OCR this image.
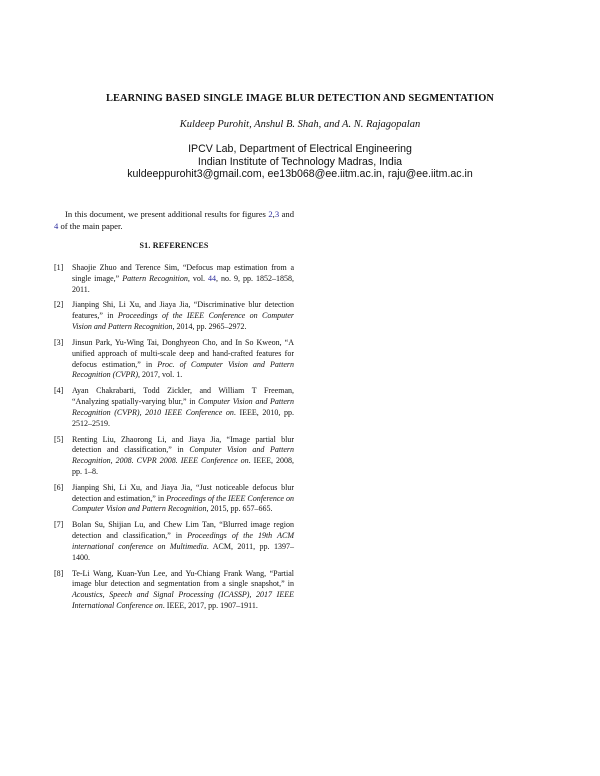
LEARNING BASED SINGLE IMAGE BLUR DETECTION AND SEGMENTATION
Kuldeep Purohit, Anshul B. Shah, and A. N. Rajagopalan
IPCV Lab, Department of Electrical Engineering
Indian Institute of Technology Madras, India
kuldeeppurohit3@gmail.com, ee13b068@ee.iitm.ac.in, raju@ee.iitm.ac.in
In this document, we present additional results for figures 2,3 and 4 of the main paper.
S1. REFERENCES
[1] Shaojie Zhuo and Terence Sim, “Defocus map estimation from a single image,” Pattern Recognition, vol. 44, no. 9, pp. 1852–1858, 2011.
[2] Jianping Shi, Li Xu, and Jiaya Jia, “Discriminative blur detection features,” in Proceedings of the IEEE Conference on Computer Vision and Pattern Recognition, 2014, pp. 2965–2972.
[3] Jinsun Park, Yu-Wing Tai, Donghyeon Cho, and In So Kweon, “A unified approach of multi-scale deep and hand-crafted features for defocus estimation,” in Proc. of Computer Vision and Pattern Recognition (CVPR), 2017, vol. 1.
[4] Ayan Chakrabarti, Todd Zickler, and William T Freeman, “Analyzing spatially-varying blur,” in Computer Vision and Pattern Recognition (CVPR), 2010 IEEE Conference on. IEEE, 2010, pp. 2512–2519.
[5] Renting Liu, Zhaorong Li, and Jiaya Jia, “Image partial blur detection and classification,” in Computer Vision and Pattern Recognition, 2008. CVPR 2008. IEEE Conference on. IEEE, 2008, pp. 1–8.
[6] Jianping Shi, Li Xu, and Jiaya Jia, “Just noticeable defocus blur detection and estimation,” in Proceedings of the IEEE Conference on Computer Vision and Pattern Recognition, 2015, pp. 657–665.
[7] Bolan Su, Shijian Lu, and Chew Lim Tan, “Blurred image region detection and classification,” in Proceedings of the 19th ACM international conference on Multimedia. ACM, 2011, pp. 1397–1400.
[8] Te-Li Wang, Kuan-Yun Lee, and Yu-Chiang Frank Wang, “Partial image blur detection and segmentation from a single snapshot,” in Acoustics, Speech and Signal Processing (ICASSP), 2017 IEEE International Conference on. IEEE, 2017, pp. 1907–1911.
